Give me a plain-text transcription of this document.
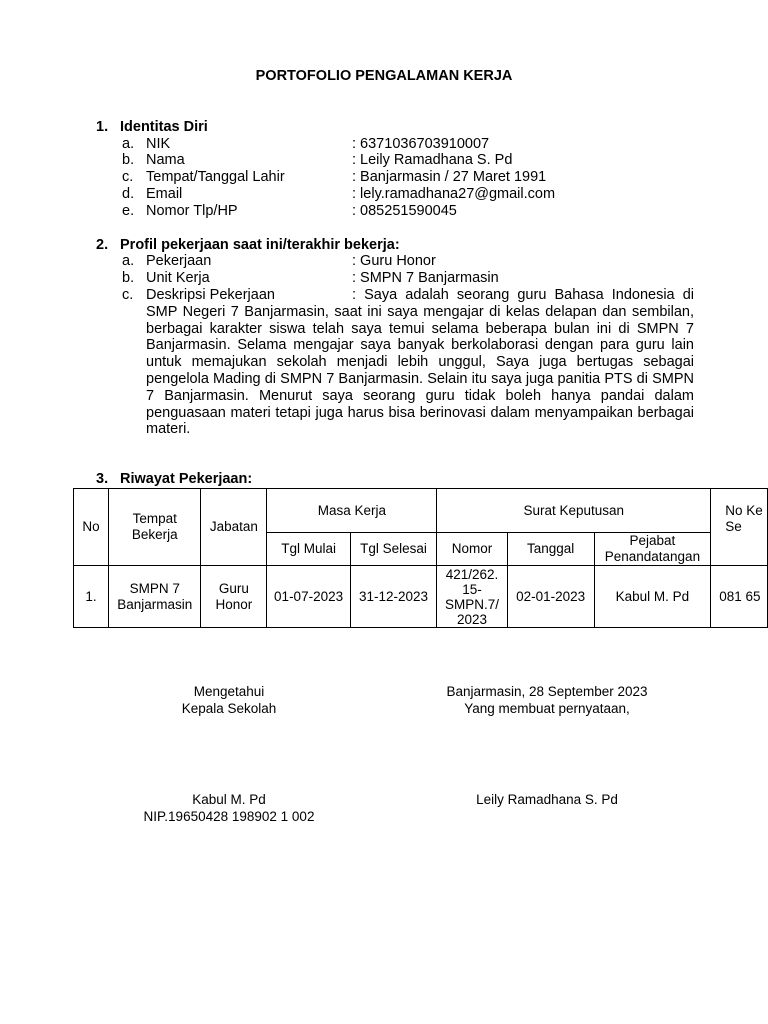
PORTOFOLIO PENGALAMAN KERJA
1. Identitas Diri
a. NIK	: 6371036703910007
b. Nama	: Leily Ramadhana S. Pd
c. Tempat/Tanggal Lahir	: Banjarmasin / 27 Maret 1991
d. Email	: lely.ramadhana27@gmail.com
e. Nomor Tlp/HP	: 085251590045
2. Profil pekerjaan saat ini/terakhir bekerja:
a. Pekerjaan	: Guru Honor
b. Unit Kerja	: SMPN 7 Banjarmasin
c. Deskripsi Pekerjaan	: Saya adalah seorang guru Bahasa Indonesia di SMP Negeri 7 Banjarmasin, saat ini saya mengajar di kelas delapan dan sembilan, berbagai karakter siswa telah saya temui selama beberapa bulan ini di SMPN 7 Banjarmasin. Selama mengajar saya banyak berkolaborasi dengan para guru lain untuk memajukan sekolah menjadi lebih unggul, Saya juga bertugas sebagai pengelola Mading di SMPN 7 Banjarmasin. Selain itu saya juga panitia PTS di SMPN 7 Banjarmasin. Menurut saya seorang guru tidak boleh hanya pandai dalam penguasaan materi tetapi juga harus bisa berinovasi dalam menyampaikan berbagai materi.
3. Riwayat Pekerjaan:
No	Tempat Bekerja	Jabatan	Masa Kerja		Surat Keputusan			No Ke Se
			Tgl Mulai	Tgl Selesai	Nomor	Tanggal	Pejabat Penandatangan	
1.	SMPN 7 Banjarmasin	Guru Honor	01-07-2023	31-12-2023	421/262. 15- SMPN.7/ 2023	02-01-2023	Kabul M. Pd	081 65
Mengetahui
Kepala Sekolah
Banjarmasin, 28 September 2023
Yang membuat pernyataan,
Kabul M. Pd
NIP.19650428 198902 1 002
Leily Ramadhana S. Pd
